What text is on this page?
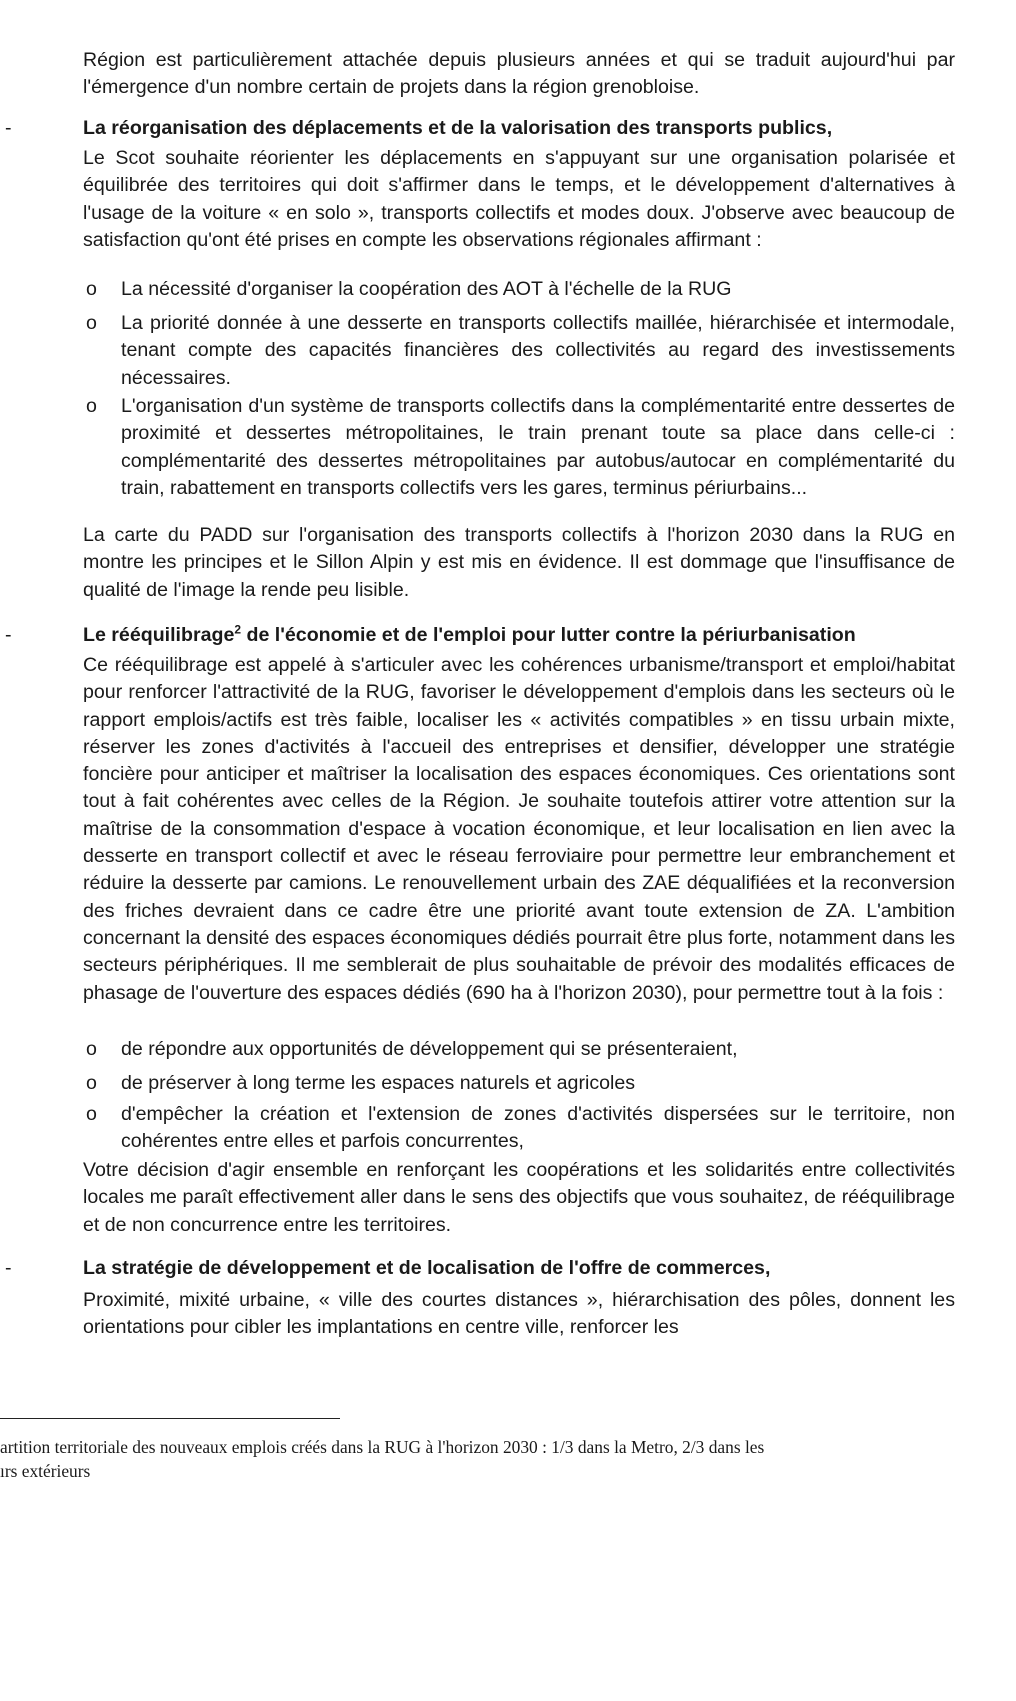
Région est particulièrement attachée depuis plusieurs années et qui se traduit aujourd'hui par l'émergence d'un nombre certain de projets dans la région grenobloise.

-	La réorganisation des déplacements et de la valorisation des transports publics,

Le Scot souhaite réorienter les déplacements en s'appuyant sur une organisation polarisée et équilibrée des territoires qui doit s'affirmer dans le temps, et le développement d'alternatives à l'usage de la voiture « en solo », transports collectifs et modes doux. J'observe avec beaucoup de satisfaction qu'ont été prises en compte les observations régionales affirmant :

o La nécessité d'organiser la coopération des AOT à l'échelle de la RUG

o La priorité donnée à une desserte en transports collectifs maillée, hiérarchisée et intermodale, tenant compte des capacités financières des collectivités au regard des investissements nécessaires.

o L'organisation d'un système de transports collectifs dans la complémentarité entre dessertes de proximité et dessertes métropolitaines, le train prenant toute sa place dans celle-ci : complémentarité des dessertes métropolitaines par autobus/autocar en complémentarité du train, rabattement en transports collectifs vers les gares, terminus périurbains...

La carte du PADD sur l'organisation des transports collectifs à l'horizon 2030 dans la RUG en montre les principes et le Sillon Alpin y est mis en évidence. Il est dommage que l'insuffisance de qualité de l'image la rende peu lisible.

-	Le rééquilibrage$^2$ de l'économie et de l'emploi pour lutter contre la périurbanisation

Ce rééquilibrage est appelé à s'articuler avec les cohérences urbanisme/transport et emploi/habitat pour renforcer l'attractivité de la RUG, favoriser le développement d'emplois dans les secteurs où le rapport emplois/actifs est très faible, localiser les « activités compatibles » en tissu urbain mixte, réserver les zones d'activités à l'accueil des entreprises et densifier, développer une stratégie foncière pour anticiper et maîtriser la localisation des espaces économiques. Ces orientations sont tout à fait cohérentes avec celles de la Région. Je souhaite toutefois attirer votre attention sur la maîtrise de la consommation d'espace à vocation économique, et leur localisation en lien avec la desserte en transport collectif et avec le réseau ferroviaire pour permettre leur embranchement et réduire la desserte par camions. Le renouvellement urbain des ZAE déqualifiées et la reconversion des friches devraient dans ce cadre être une priorité avant toute extension de ZA. L'ambition concernant la densité des espaces économiques dédiés pourrait être plus forte, notamment dans les secteurs périphériques. Il me semblerait de plus souhaitable de prévoir des modalités efficaces de phasage de l'ouverture des espaces dédiés (690 ha à l'horizon 2030), pour permettre tout à la fois :

o de répondre aux opportunités de développement qui se présenteraient,

o de préserver à long terme les espaces naturels et agricoles

o d'empêcher la création et l'extension de zones d'activités dispersées sur le territoire, non cohérentes entre elles et parfois concurrentes,

Votre décision d'agir ensemble en renforçant les coopérations et les solidarités entre collectivités locales me paraît effectivement aller dans le sens des objectifs que vous souhaitez, de rééquilibrage et de non concurrence entre les territoires.

-	La stratégie de développement et de localisation de l'offre de commerces,

Proximité, mixité urbaine, « ville des courtes distances », hiérarchisation des pôles, donnent les orientations pour cibler les implantations en centre ville, renforcer les

artition territoriale des nouveaux emplois créés dans la RUG à l'horizon 2030 : 1/3 dans la Metro, 2/3 dans les

ırs extérieurs
